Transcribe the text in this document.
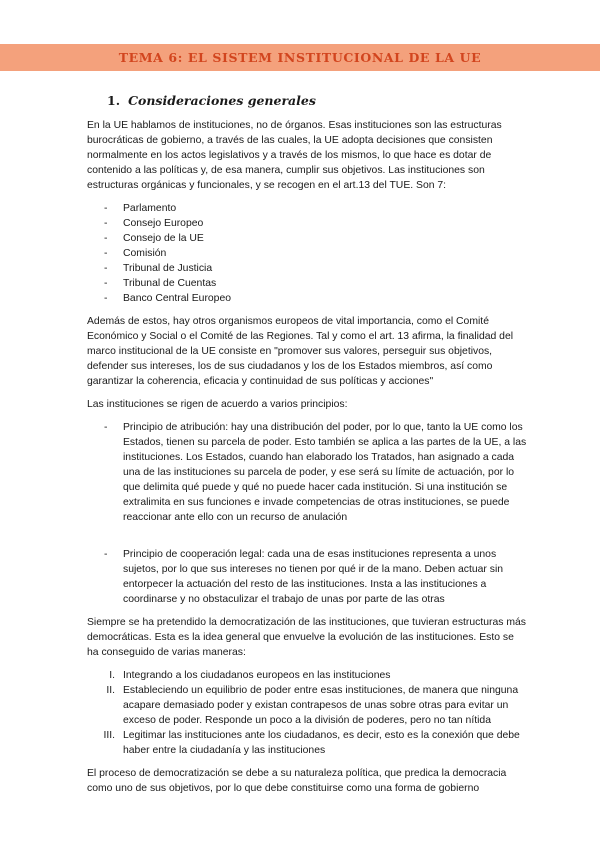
TEMA 6: EL SISTEM INSTITUCIONAL DE LA UE
1. Consideraciones generales

En la UE hablamos de instituciones, no de órganos. Esas instituciones son las estructuras burocráticas de gobierno, a través de las cuales, la UE adopta decisiones que consisten normalmente en los actos legislativos y a través de los mismos, lo que hace es dotar de contenido a las políticas y, de esa manera, cumplir sus objetivos. Las instituciones son estructuras orgánicas y funcionales, y se recogen en el art.13 del TUE. Son 7:

- Parlamento
- Consejo Europeo
- Consejo de la UE
- Comisión
- Tribunal de Justicia
- Tribunal de Cuentas
- Banco Central Europeo

Además de estos, hay otros organismos europeos de vital importancia, como el Comité Económico y Social o el Comité de las Regiones. Tal y como el art. 13 afirma, la finalidad del marco institucional de la UE consiste en "promover sus valores, perseguir sus objetivos, defender sus intereses, los de sus ciudadanos y los de los Estados miembros, así como garantizar la coherencia, eficacia y continuidad de sus políticas y acciones"

Las instituciones se rigen de acuerdo a varios principios:

- Principio de atribución: hay una distribución del poder, por lo que, tanto la UE como los Estados, tienen su parcela de poder. Esto también se aplica a las partes de la UE, a las instituciones. Los Estados, cuando han elaborado los Tratados, han asignado a cada una de las instituciones su parcela de poder, y ese será su límite de actuación, por lo que delimita qué puede y qué no puede hacer cada institución. Si una institución se extralimita en sus funciones e invade competencias de otras instituciones, se puede reaccionar ante ello con un recurso de anulación
- Principio de cooperación legal: cada una de esas instituciones representa a unos sujetos, por lo que sus intereses no tienen por qué ir de la mano. Deben actuar sin entorpecer la actuación del resto de las instituciones. Insta a las instituciones a coordinarse y no obstaculizar el trabajo de unas por parte de las otras

Siempre se ha pretendido la democratización de las instituciones, que tuvieran estructuras más democráticas. Esta es la idea general que envuelve la evolución de las instituciones. Esto se ha conseguido de varias maneras:

I. Integrando a los ciudadanos europeos en las instituciones
II. Estableciendo un equilibrio de poder entre esas instituciones, de manera que ninguna acapare demasiado poder y existan contrapesos de unas sobre otras para evitar un exceso de poder. Responde un poco a la división de poderes, pero no tan nítida
III. Legitimar las instituciones ante los ciudadanos, es decir, esto es la conexión que debe haber entre la ciudadanía y las instituciones

El proceso de democratización se debe a su naturaleza política, que predica la democracia como uno de sus objetivos, por lo que debe constituirse como una forma de gobierno
